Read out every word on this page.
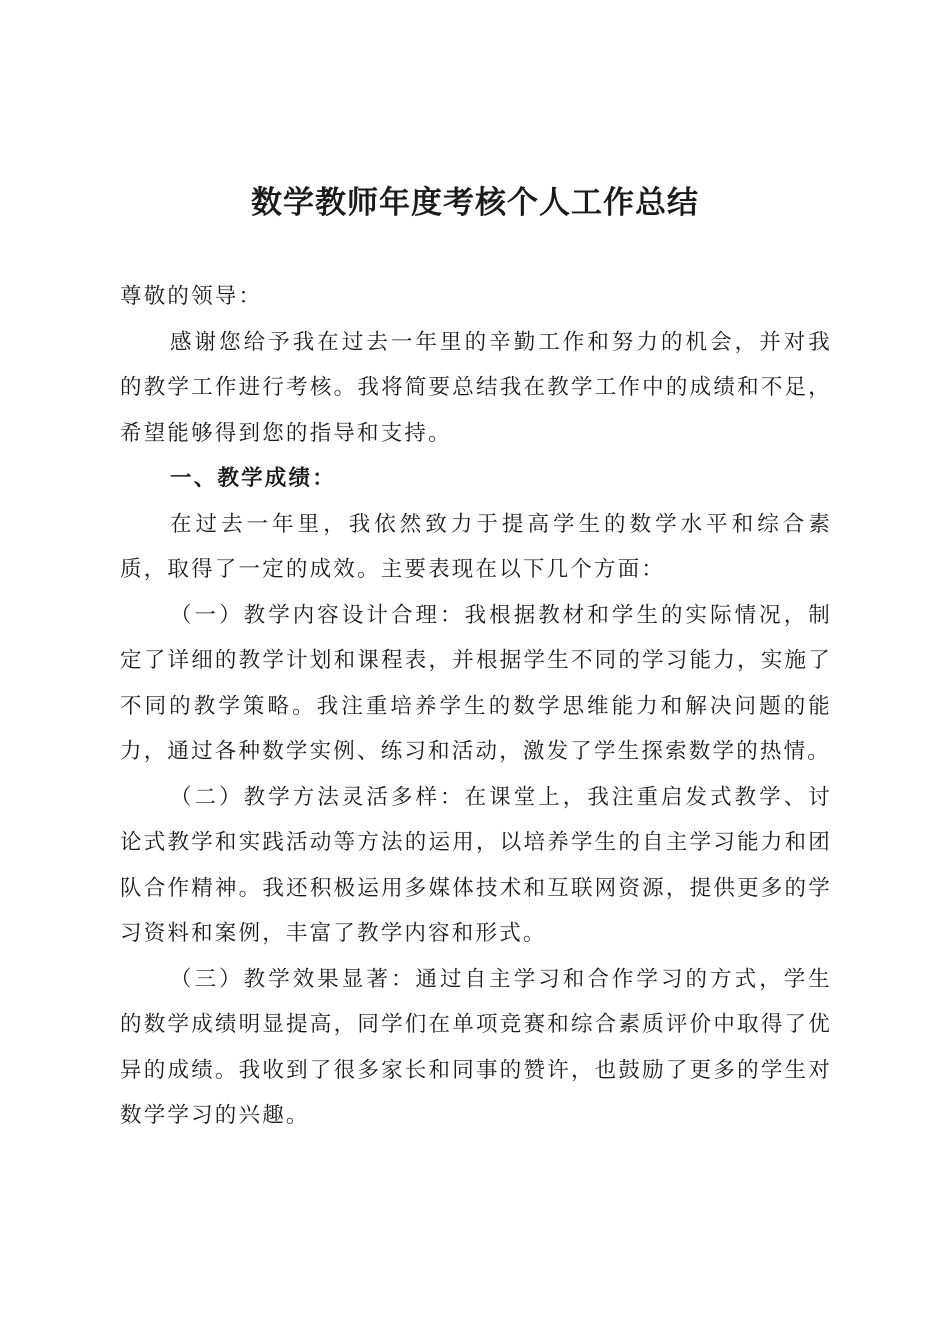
数学教师年度考核个人工作总结

尊敬的领导：

感谢您给予我在过去一年里的辛勤工作和努力的机会，并对我的教学工作进行考核。我将简要总结我在教学工作中的成绩和不足，希望能够得到您的指导和支持。

一、教学成绩：

在过去一年里，我依然致力于提高学生的数学水平和综合素质，取得了一定的成效。主要表现在以下几个方面：

（一）教学内容设计合理：我根据教材和学生的实际情况，制定了详细的教学计划和课程表，并根据学生不同的学习能力，实施了不同的教学策略。我注重培养学生的数学思维能力和解决问题的能力，通过各种数学实例、练习和活动，激发了学生探索数学的热情。

（二）教学方法灵活多样：在课堂上，我注重启发式教学、讨论式教学和实践活动等方法的运用，以培养学生的自主学习能力和团队合作精神。我还积极运用多媒体技术和互联网资源，提供更多的学习资料和案例，丰富了教学内容和形式。

（三）教学效果显著：通过自主学习和合作学习的方式，学生的数学成绩明显提高，同学们在单项竞赛和综合素质评价中取得了优异的成绩。我收到了很多家长和同事的赞许，也鼓励了更多的学生对数学学习的兴趣。
